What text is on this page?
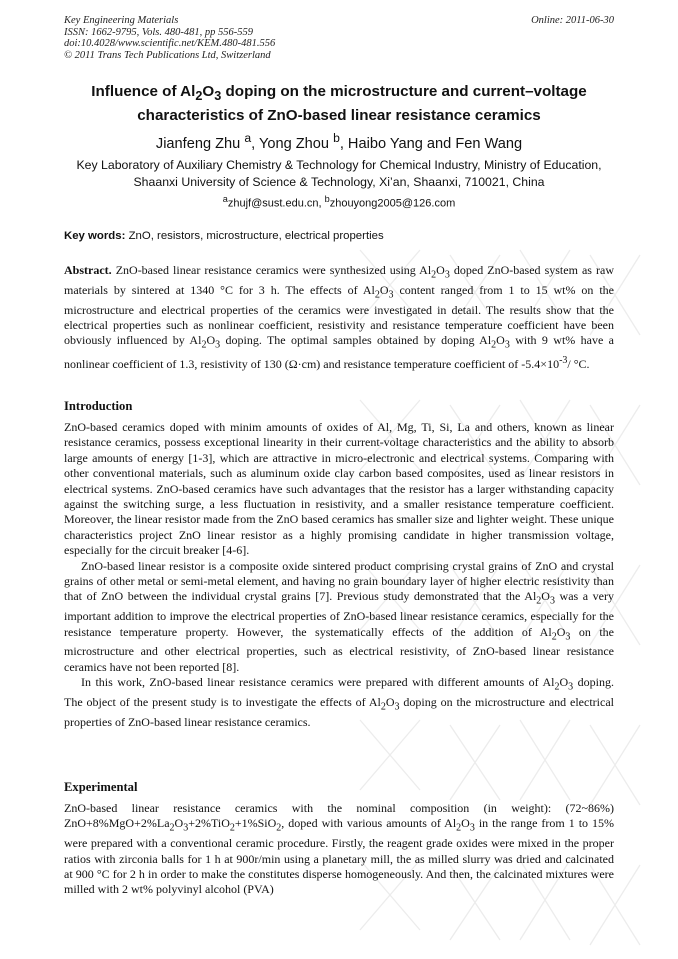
Key Engineering Materials
ISSN: 1662-9795, Vols. 480-481, pp 556-559
doi:10.4028/www.scientific.net/KEM.480-481.556
© 2011 Trans Tech Publications Ltd, Switzerland
Online: 2011-06-30
Influence of $Al_2O_3$ doping on the microstructure and current–voltage characteristics of ZnO-based linear resistance ceramics
Jianfeng Zhu $^a$, Yong Zhou $^b$, Haibo Yang and Fen Wang
Key Laboratory of Auxiliary Chemistry & Technology for Chemical Industry, Ministry of Education,
Shaanxi University of Science & Technology, Xi’an, Shaanxi, 710021, China
$^a$zhujf@sust.edu.cn, $^b$zhouyong2005@126.com
Key words: ZnO, resistors, microstructure, electrical properties

Abstract. ZnO-based linear resistance ceramics were synthesized using $Al_2O_3$ doped ZnO-based system as raw materials by sintered at 1340 °C for 3 h. The effects of $Al_2O_3$ content ranged from 1 to 15 wt% on the microstructure and electrical properties of the ceramics were investigated in detail. The results show that the electrical properties such as nonlinear coefficient, resistivity and resistance temperature coefficient have been obviously influenced by $Al_2O_3$ doping. The optimal samples obtained by doping $Al_2O_3$ with 9 wt% have a nonlinear coefficient of 1.3, resistivity of 130 (Ω·cm) and resistance temperature coefficient of $-5.4\times 10^{-3}/$ °C.

Introduction

ZnO-based ceramics doped with minim amounts of oxides of Al, Mg, Ti, Si, La and others, known as linear resistance ceramics, possess exceptional linearity in their current-voltage characteristics and the ability to absorb large amounts of energy [1-3], which are attractive in micro-electronic and electrical systems. Comparing with other conventional materials, such as aluminum oxide clay carbon based composites, used as linear resistors in electrical systems. ZnO-based ceramics have such advantages that the resistor has a larger withstanding capacity against the switching surge, a less fluctuation in resistivity, and a smaller resistance temperature coefficient. Moreover, the linear resistor made from the ZnO based ceramics has smaller size and lighter weight. These unique characteristics project ZnO linear resistor as a highly promising candidate in higher transmission voltage, especially for the circuit breaker [4-6].

ZnO-based linear resistor is a composite oxide sintered product comprising crystal grains of ZnO and crystal grains of other metal or semi-metal element, and having no grain boundary layer of higher electric resistivity than that of ZnO between the individual crystal grains [7]. Previous study demonstrated that the $Al_2O_3$ was a very important addition to improve the electrical properties of ZnO-based linear resistance ceramics, especially for the resistance temperature property. However, the systematically effects of the addition of $Al_2O_3$ on the microstructure and other electrical properties, such as electrical resistivity, of ZnO-based linear resistance ceramics have not been reported [8].

In this work, ZnO-based linear resistance ceramics were prepared with different amounts of $Al_2O_3$ doping. The object of the present study is to investigate the effects of $Al_2O_3$ doping on the microstructure and electrical properties of ZnO-based linear resistance ceramics.

Experimental

ZnO-based linear resistance ceramics with the nominal composition (in weight): (72~86%) $ZnO+8\%MgO+2\%La_2O_3+2\%TiO_2+1\%SiO_2$, doped with various amounts of $Al_2O_3$ in the range from 1 to 15% were prepared with a conventional ceramic procedure. Firstly, the reagent grade oxides were mixed in the proper ratios with zirconia balls for 1 h at 900r/min using a planetary mill, the as milled slurry was dried and calcinated at 900 °C for 2 h in order to make the constitutes disperse homogeneously. And then, the calcinated mixtures were milled with 2 wt% polyvinyl alcohol (PVA)
